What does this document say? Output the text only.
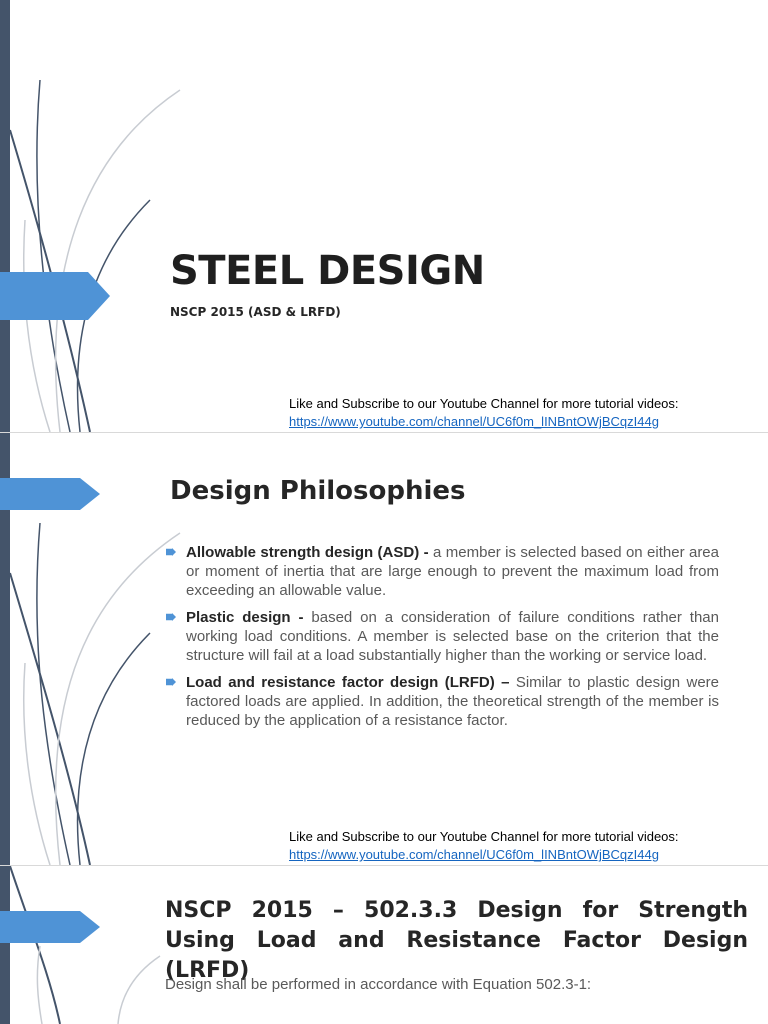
STEEL DESIGN
NSCP 2015 (ASD & LRFD)
Like and Subscribe to our Youtube Channel for more tutorial videos:
https://www.youtube.com/channel/UC6f0m_lINBntOWjBCqzI44g
Design Philosophies
Allowable strength design (ASD) - a member is selected based on either area or moment of inertia that are large enough to prevent the maximum load from exceeding an allowable value.
Plastic design - based on a consideration of failure conditions rather than working load conditions. A member is selected base on the criterion that the structure will fail at a load substantially higher than the working or service load.
Load and resistance factor design (LRFD) – Similar to plastic design were factored loads are applied. In addition, the theoretical strength of the member is reduced by the application of a resistance factor.
Like and Subscribe to our Youtube Channel for more tutorial videos:
https://www.youtube.com/channel/UC6f0m_lINBntOWjBCqzI44g
NSCP 2015 – 502.3.3 Design for Strength Using Load and Resistance Factor Design (LRFD)
Design shall be performed in accordance with Equation 502.3-1:
